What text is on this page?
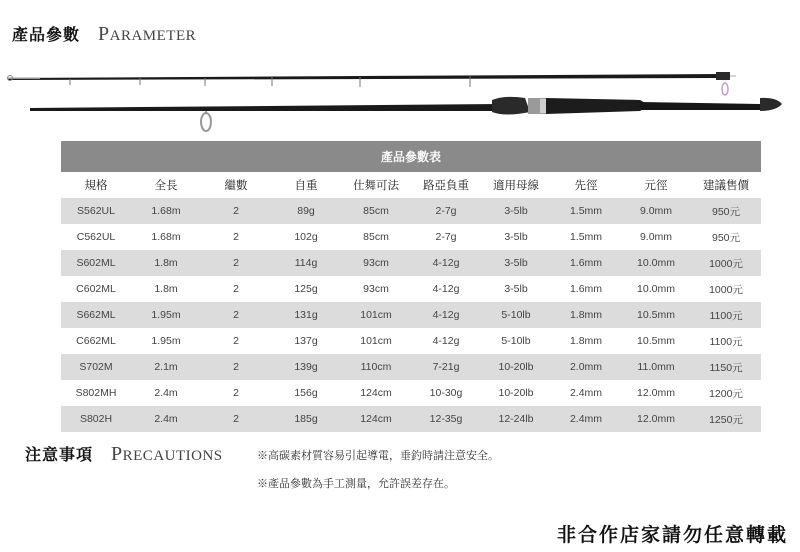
產品參數 PARAMETER
產品參數表									
規格	全長	繼數	自重	仕舞可法	路亞負重	適用母線	先徑	元徑	建議售價
S562UL	1.68m	2	89g	85cm	2-7g	3-5lb	1.5mm	9.0mm	950元
C562UL	1.68m	2	102g	85cm	2-7g	3-5lb	1.5mm	9.0mm	950元
S602ML	1.8m	2	114g	93cm	4-12g	3-5lb	1.6mm	10.0mm	1000元
C602ML	1.8m	2	125g	93cm	4-12g	3-5lb	1.6mm	10.0mm	1000元
S662ML	1.95m	2	131g	101cm	4-12g	5-10lb	1.8mm	10.5mm	1100元
C662ML	1.95m	2	137g	101cm	4-12g	5-10lb	1.8mm	10.5mm	1100元
S702M	2.1m	2	139g	110cm	7-21g	10-20lb	2.0mm	11.0mm	1150元
S802MH	2.4m	2	156g	124cm	10-30g	10-20lb	2.4mm	12.0mm	1200元
S802H	2.4m	2	185g	124cm	12-35g	12-24lb	2.4mm	12.0mm	1250元
注意事項 PRECAUTIONS	※高碳素材質容易引起導電，垂釣時請注意安全。
※產品參數為手工測量，允許誤差存在。
非合作店家請勿任意轉載
